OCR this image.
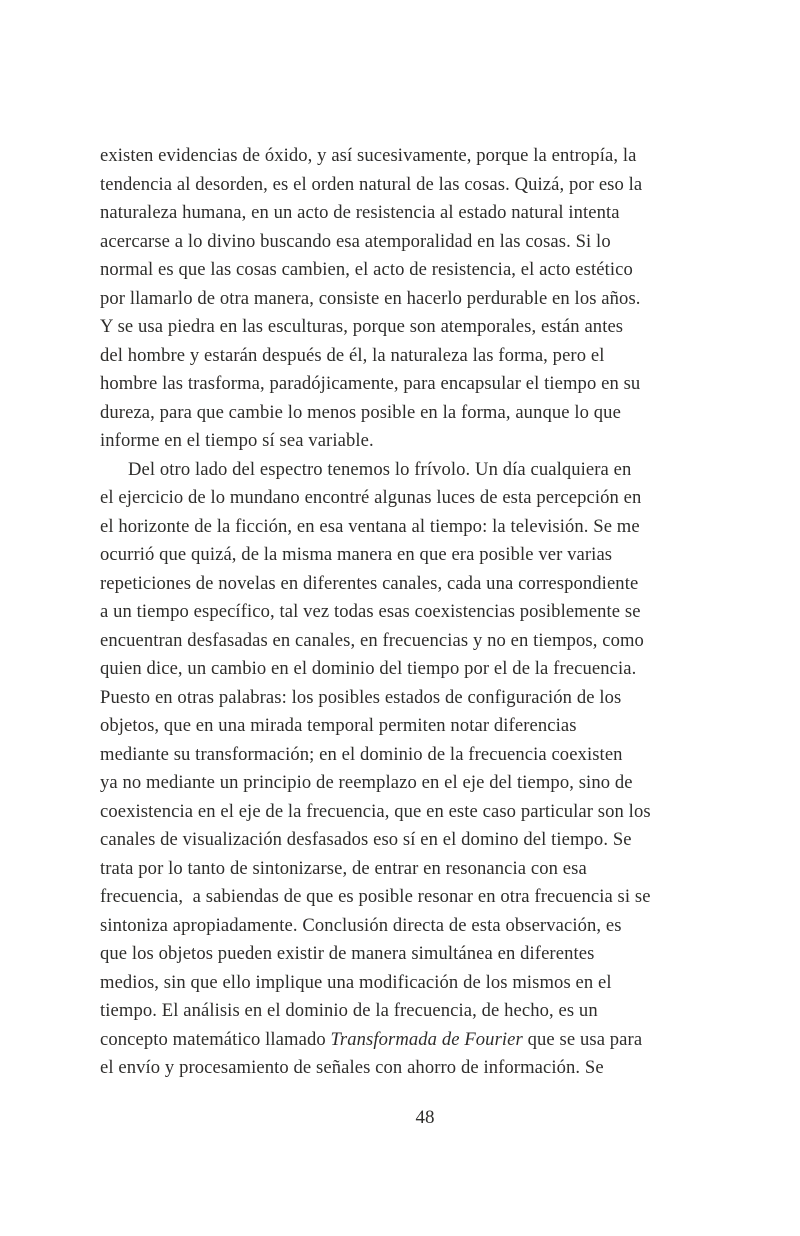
existen evidencias de óxido, y así sucesivamente, porque la entropía, la
tendencia al desorden, es el orden natural de las cosas. Quizá, por eso la
naturaleza humana, en un acto de resistencia al estado natural intenta
acercarse a lo divino buscando esa atemporalidad en las cosas. Si lo
normal es que las cosas cambien, el acto de resistencia, el acto estético
por llamarlo de otra manera, consiste en hacerlo perdurable en los años.
Y se usa piedra en las esculturas, porque son atemporales, están antes
del hombre y estarán después de él, la naturaleza las forma, pero el
hombre las trasforma, paradójicamente, para encapsular el tiempo en su
dureza, para que cambie lo menos posible en la forma, aunque lo que
informe en el tiempo sí sea variable.
Del otro lado del espectro tenemos lo frívolo. Un día cualquiera en
el ejercicio de lo mundano encontré algunas luces de esta percepción en
el horizonte de la ficción, en esa ventana al tiempo: la televisión. Se me
ocurrió que quizá, de la misma manera en que era posible ver varias
repeticiones de novelas en diferentes canales, cada una correspondiente
a un tiempo específico, tal vez todas esas coexistencias posiblemente se
encuentran desfasadas en canales, en frecuencias y no en tiempos, como
quien dice, un cambio en el dominio del tiempo por el de la frecuencia.
Puesto en otras palabras: los posibles estados de configuración de los
objetos, que en una mirada temporal permiten notar diferencias
mediante su transformación; en el dominio de la frecuencia coexisten
ya no mediante un principio de reemplazo en el eje del tiempo, sino de
coexistencia en el eje de la frecuencia, que en este caso particular son los
canales de visualización desfasados eso sí en el domino del tiempo. Se
trata por lo tanto de sintonizarse, de entrar en resonancia con esa
frecuencia,  a sabiendas de que es posible resonar en otra frecuencia si se
sintoniza apropiadamente. Conclusión directa de esta observación, es
que los objetos pueden existir de manera simultánea en diferentes
medios, sin que ello implique una modificación de los mismos en el
tiempo. El análisis en el dominio de la frecuencia, de hecho, es un
concepto matemático llamado Transformada de Fourier que se usa para
el envío y procesamiento de señales con ahorro de información. Se
48
